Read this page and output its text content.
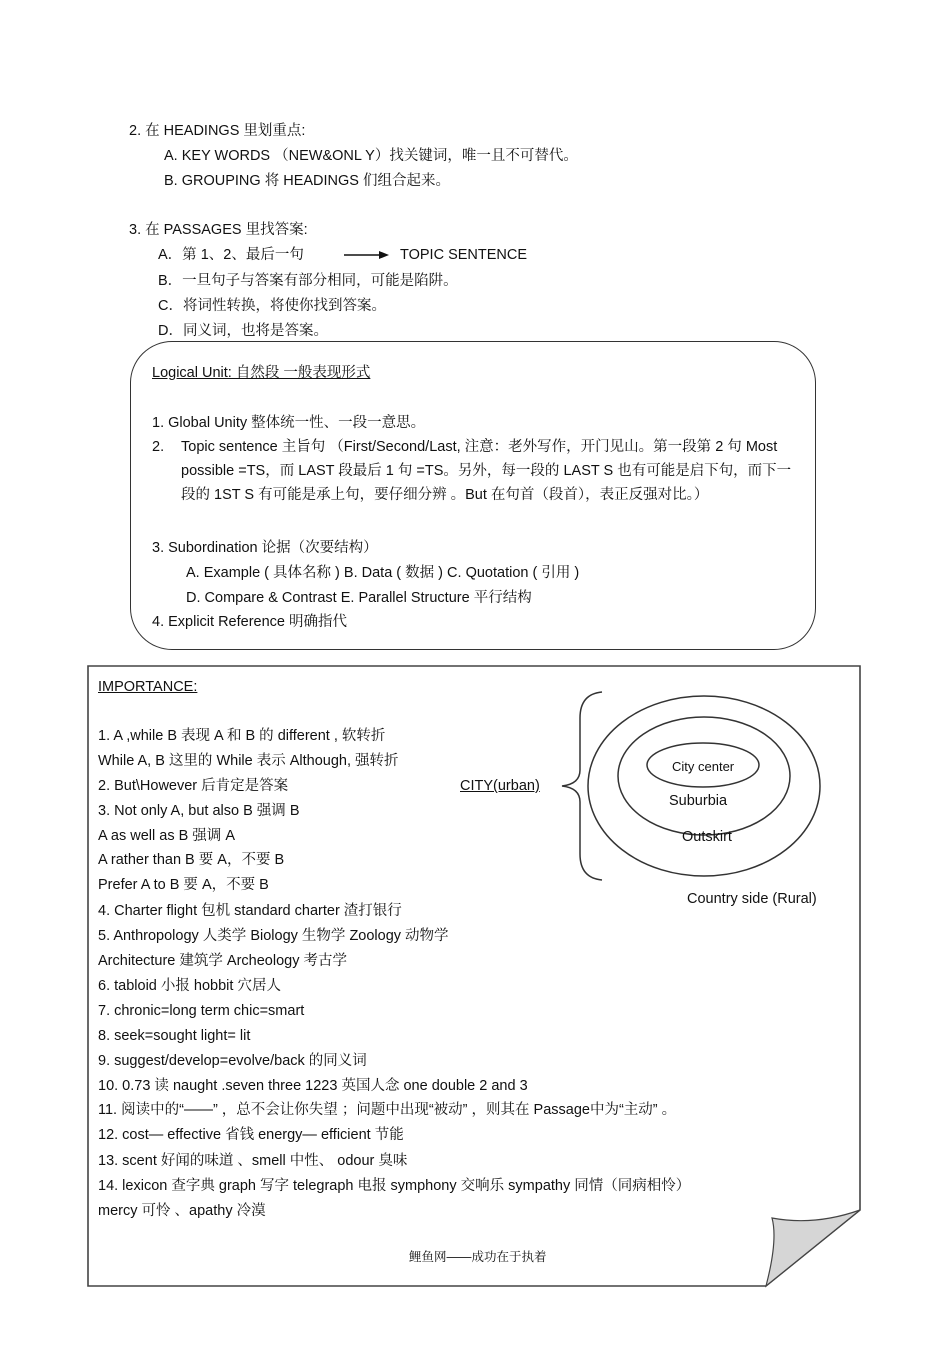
2. 在 HEADINGS 里划重点:
A. KEY WORDS （NEW&ONL Y）找关键词，唯一且不可替代。
B. GROUPING 将 HEADINGS 们组合起来。
3. 在 PASSAGES 里找答案:
A．第 1、2、最后一句	TOPIC SENTENCE
B．一旦句子与答案有部分相同，可能是陷阱。
C．将词性转换，将使你找到答案。
D．同义词，也将是答案。
Logical Unit: 自然段 一般表现形式
1. Global Unity 整体统一性、一段一意思。
2. Topic sentence 主旨句 （First/Second/Last, 注意：老外写作，开门见山。第一段第 2 句 Most possible =TS，而 LAST 段最后 1 句 =TS。另外，每一段的 LAST S 也有可能是启下句，而下一段的 1ST S 有可能是承上句，要仔细分辨 。But 在句首（段首），表正反强对比。）
3. Subordination 论据（次要结构）
A. Example ( 具体名称 ) B. Data ( 数据 ) C. Quotation ( 引用 )
D. Compare & Contrast E. Parallel Structure 平行结构
4. Explicit Reference 明确指代
IMPORTANCE:
1. A ,while B 表现 A 和 B 的 different , 软转折
While A, B 这里的 While 表示 Although, 强转折
2. But\However 后肯定是答案
3. Not only A, but also B 强调 B
A as well as B 强调 A
A rather than B 要 A，不要 B
Prefer A to B 要 A，不要 B
4. Charter flight 包机 standard charter 渣打银行
5. Anthropology 人类学 Biology 生物学 Zoology 动物学
Architecture 建筑学 Archeology 考古学
6. tabloid 小报 hobbit 穴居人
7. chronic=long term chic=smart
8. seek=sought light= lit
9. suggest/develop=evolve/back 的同义词
10. 0.73 读 naught .seven three 1223 英国人念 one double 2 and 3
11. 阅读中的“——” ，总不会让你失望 ；问题中出现“被动” ，则其在 Passage中为“主动” 。
12. cost— effective 省钱 energy— efficient 节能
13. scent 好闻的味道 、smell 中性、 odour 臭味
14. lexicon 查字典 graph 写字 telegraph 电报 symphony 交响乐 sympathy 同情（同病相怜）
mercy 可怜 、apathy 冷漠
CITY(urban)
City center
Suburbia
Outskirt
Country side (Rural)
鲤鱼网——成功在于执着
